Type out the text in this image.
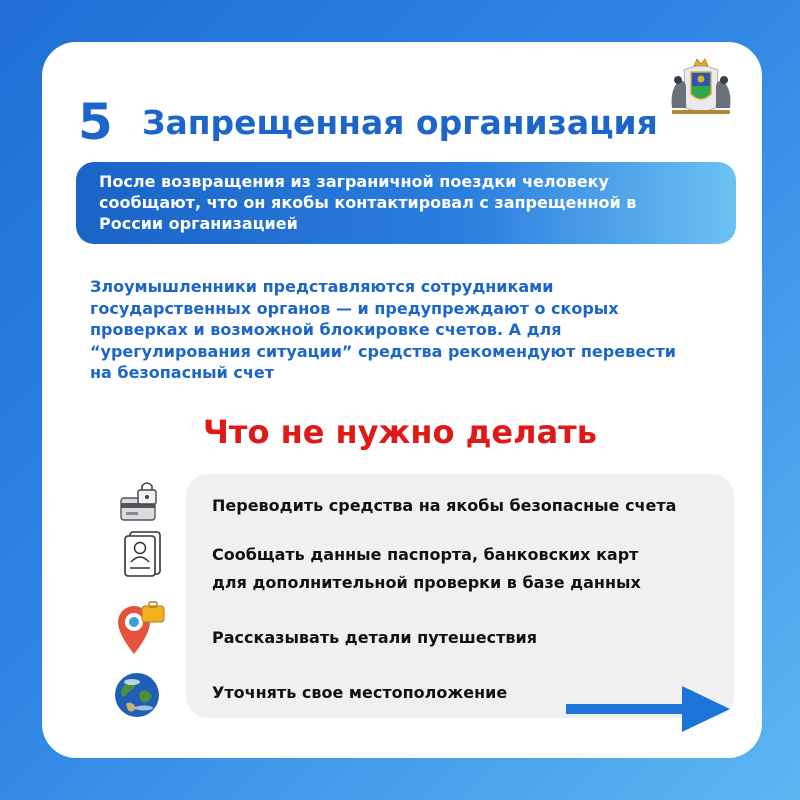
5 Запрещенная организация
После возвращения из заграничной поездки человеку сообщают, что он якобы контактировал с запрещенной в России организацией
Злоумышленники представляются сотрудниками государственных органов — и предупреждают о скорых проверках и возможной блокировке счетов. А для “урегулирования ситуации” средства рекомендуют перевести на безопасный счет
Что не нужно делать
Переводить средства на якобы безопасные счета
Сообщать данные паспорта, банковских карт
для дополнительной проверки в базе данных
Рассказывать детали путешествия
Уточнять свое местоположение
